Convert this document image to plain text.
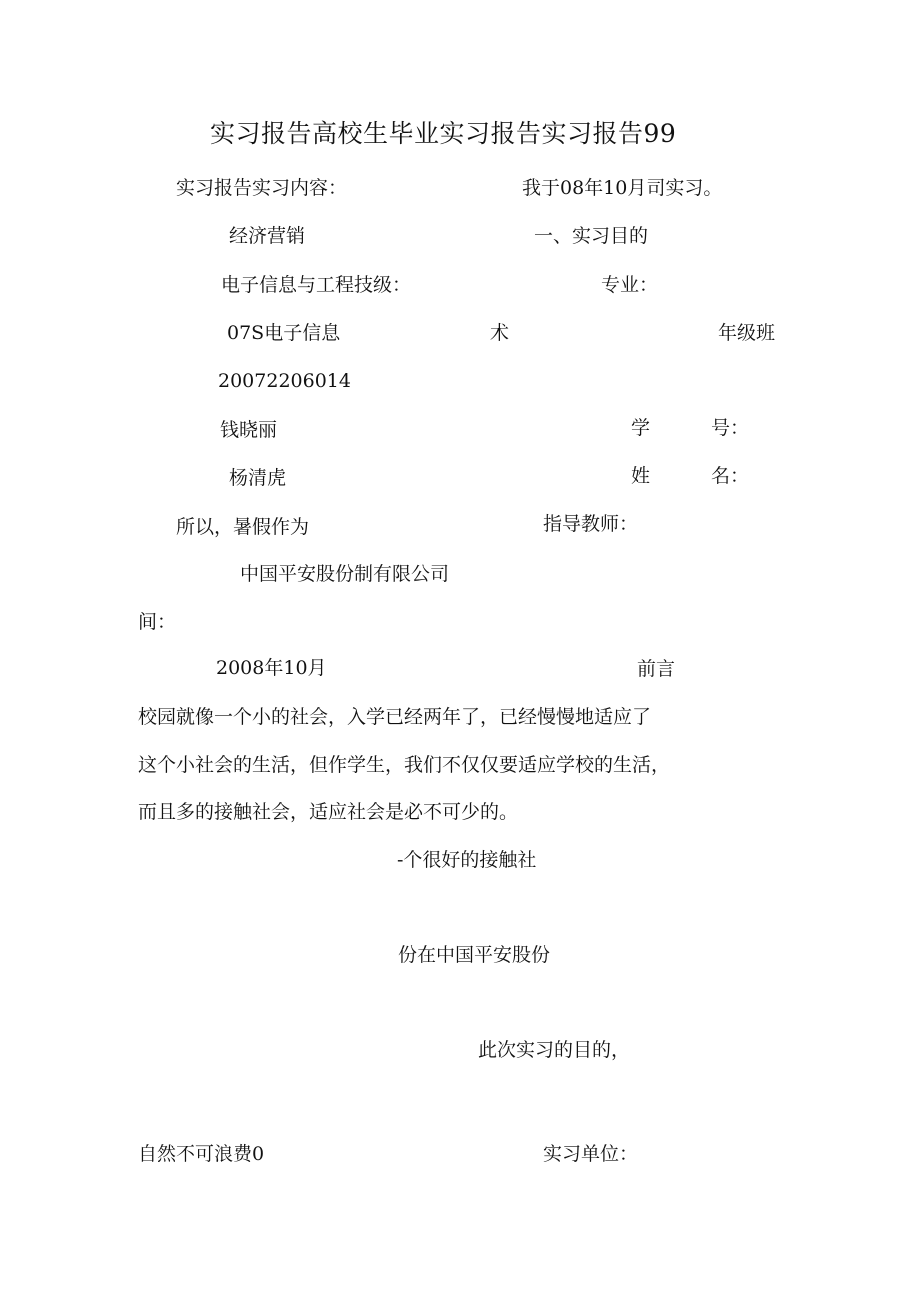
实习报告高校生毕业实习报告实习报告99
实习报告实习内容：	我于08年10月司实习。
经济营销	一、实习目的
电子信息与工程技级：	专业：
07S电子信息	术	年级班
20072206014
钱晓丽	学	号：
杨清虎	姓	名：
所以，暑假作为	指导教师：
中国平安股份制有限公司
间：
2008年10月	前言
校园就像一个小的社会，入学已经两年了，已经慢慢地适应了
这个小社会的生活，但作学生，我们不仅仅要适应学校的生活，
而且多的接触社会，适应社会是必不可少的。
-个很好的接触社
份在中国平安股份
此次实习的目的，
自然不可浪费0	实习单位：
